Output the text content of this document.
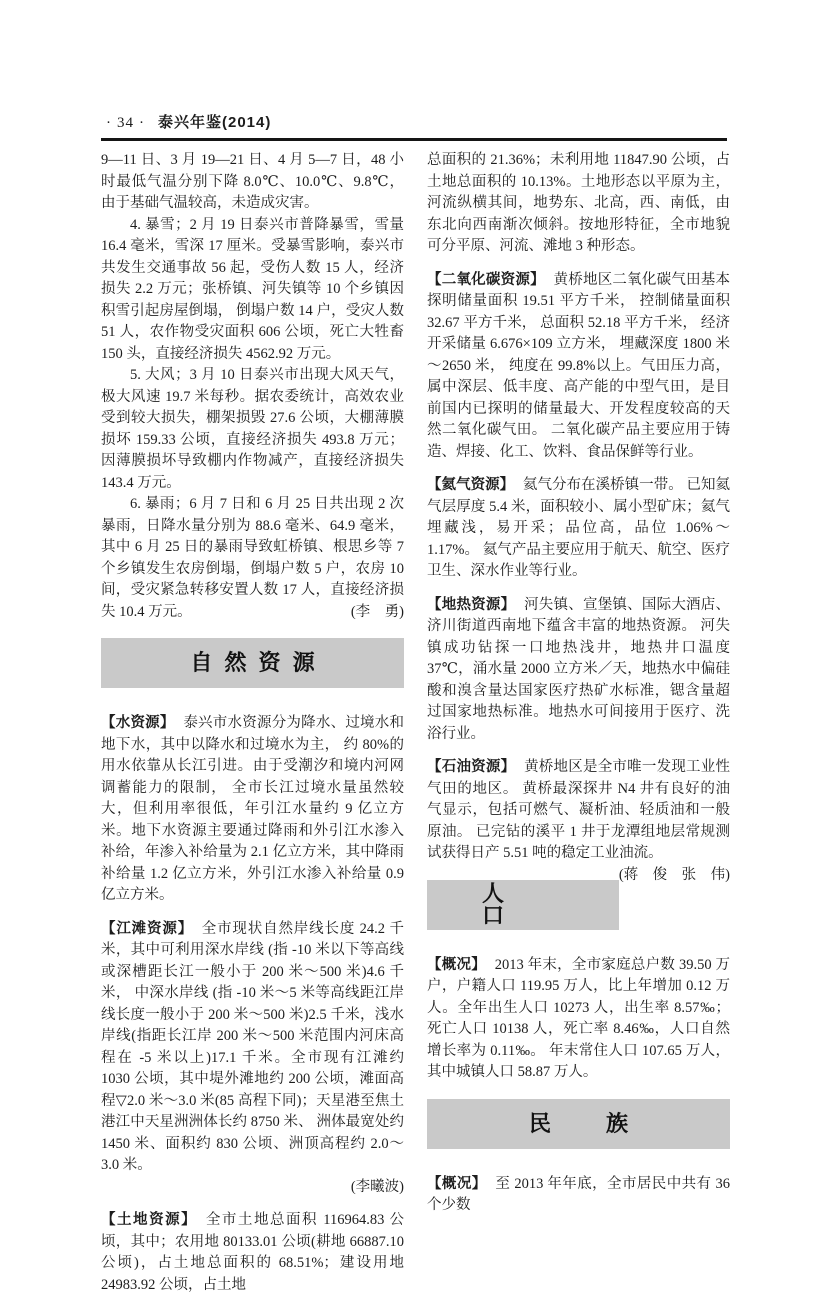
· 34 · 泰兴年鉴(2014)

9—11 日、3 月 19—21 日、4 月 5—7 日，48 小时最低气温分别下降 8.0℃、10.0℃、9.8℃， 由于基础气温较高，未造成灾害。

4. 暴雪；2 月 19 日泰兴市普降暴雪，雪量 16.4 毫米，雪深 17 厘米。受暴雪影响，泰兴市共发生交通事故 56 起，受伤人数 15 人，经济损失 2.2 万元；张桥镇、河失镇等 10 个乡镇因积雪引起房屋倒塌， 倒塌户数 14 户，受灾人数 51 人，农作物受灾面积 606 公顷，死亡大牲畜 150 头，直接经济损失 4562.92 万元。

5. 大风；3 月 10 日泰兴市出现大风天气，极大风速 19.7 米每秒。据农委统计，高效农业受到较大损失，棚架损毁 27.6 公顷，大棚薄膜损坏 159.33 公顷，直接经济损失 493.8 万元；因薄膜损坏导致棚内作物减产，直接经济损失 143.4 万元。

6. 暴雨；6 月 7 日和 6 月 25 日共出现 2 次暴雨，日降水量分别为 88.6 毫米、64.9 毫米， 其中 6 月 25 日的暴雨导致虹桥镇、根思乡等 7 个乡镇发生农房倒塌，倒塌户数 5 户，农房 10 间，受灾紧急转移安置人数 17 人，直接经济损失 10.4 万元。	(李　勇)

自然资源

【水资源】 泰兴市水资源分为降水、过境水和地下水，其中以降水和过境水为主， 约 80%的用水依靠从长江引进。由于受潮汐和境内河网调蓄能力的限制， 全市长江过境水量虽然较大，但利用率很低，年引江水量约 9 亿立方米。地下水资源主要通过降雨和外引江水渗入补给，年渗入补给量为 2.1 亿立方米，其中降雨补给量 1.2 亿立方米，外引江水渗入补给量 0.9 亿立方米。

【江滩资源】 全市现状自然岸线长度 24.2 千米，其中可利用深水岸线 (指 -10 米以下等高线或深槽距长江一般小于 200 米～500 米)4.6 千米， 中深水岸线 (指 -10 米～5 米等高线距江岸线长度一般小于 200 米～500 米)2.5 千米，浅水岸线(指距长江岸 200 米～500 米范围内河床高程在 -5 米以上)17.1 千米。全市现有江滩约 1030 公顷，其中堤外滩地约 200 公顷，滩面高程▽2.0 米～3.0 米(85 高程下同)；天星港至焦土港江中天星洲洲体长约 8750 米、 洲体最宽处约 1450 米、面积约 830 公顷、洲顶高程约 2.0～3.0 米。

(李曦波)

【土地资源】 全市土地总面积 116964.83 公顷，其中；农用地 80133.01 公顷(耕地 66887.10 公顷)，占土地总面积的 68.51%；建设用地 24983.92 公顷，占土地

总面积的 21.36%；未利用地 11847.90 公顷，占土地总面积的 10.13%。土地形态以平原为主，河流纵横其间，地势东、北高，西、南低，由东北向西南渐次倾斜。按地形特征，全市地貌可分平原、河流、滩地 3 种形态。

【二氧化碳资源】 黄桥地区二氧化碳气田基本探明储量面积 19.51 平方千米， 控制储量面积 32.67 平方千米， 总面积 52.18 平方千米， 经济开采储量 6.676×109 立方米， 埋藏深度 1800 米～2650 米， 纯度在 99.8%以上。气田压力高，属中深层、低丰度、高产能的中型气田，是目前国内已探明的储量最大、开发程度较高的天然二氧化碳气田。 二氧化碳产品主要应用于铸造、焊接、化工、饮料、食品保鲜等行业。

【氦气资源】 氦气分布在溪桥镇一带。 已知氦气层厚度 5.4 米，面积较小、属小型矿床；氦气埋藏浅，易开采；品位高，品位 1.06%～1.17%。 氦气产品主要应用于航天、航空、医疗卫生、深水作业等行业。

【地热资源】 河失镇、宣堡镇、国际大酒店、济川街道西南地下蕴含丰富的地热资源。 河失镇成功钻探一口地热浅井，地热井口温度 37℃，涌水量 2000 立方米／天，地热水中偏硅酸和溴含量达国家医疗热矿水标准，锶含量超过国家地热标准。地热水可间接用于医疗、洗浴行业。

【石油资源】 黄桥地区是全市唯一发现工业性气田的地区。 黄桥最深探井 N4 井有良好的油气显示，包括可燃气、凝析油、轻质油和一般原油。 已完钻的溪平 1 井于龙潭组地层常规测试获得日产 5.51 吨的稳定工业油流。
(蒋　俊　张　伟)

人口

【概况】 2013 年末，全市家庭总户数 39.50 万户，户籍人口 119.95 万人，比上年增加 0.12 万人。全年出生人口 10273 人，出生率 8.57‰；死亡人口 10138 人，死亡率 8.46‰，人口自然增长率为 0.11‰。 年末常住人口 107.65 万人，其中城镇人口 58.87 万人。

民族

【概况】 至 2013 年年底，全市居民中共有 36 个少数
